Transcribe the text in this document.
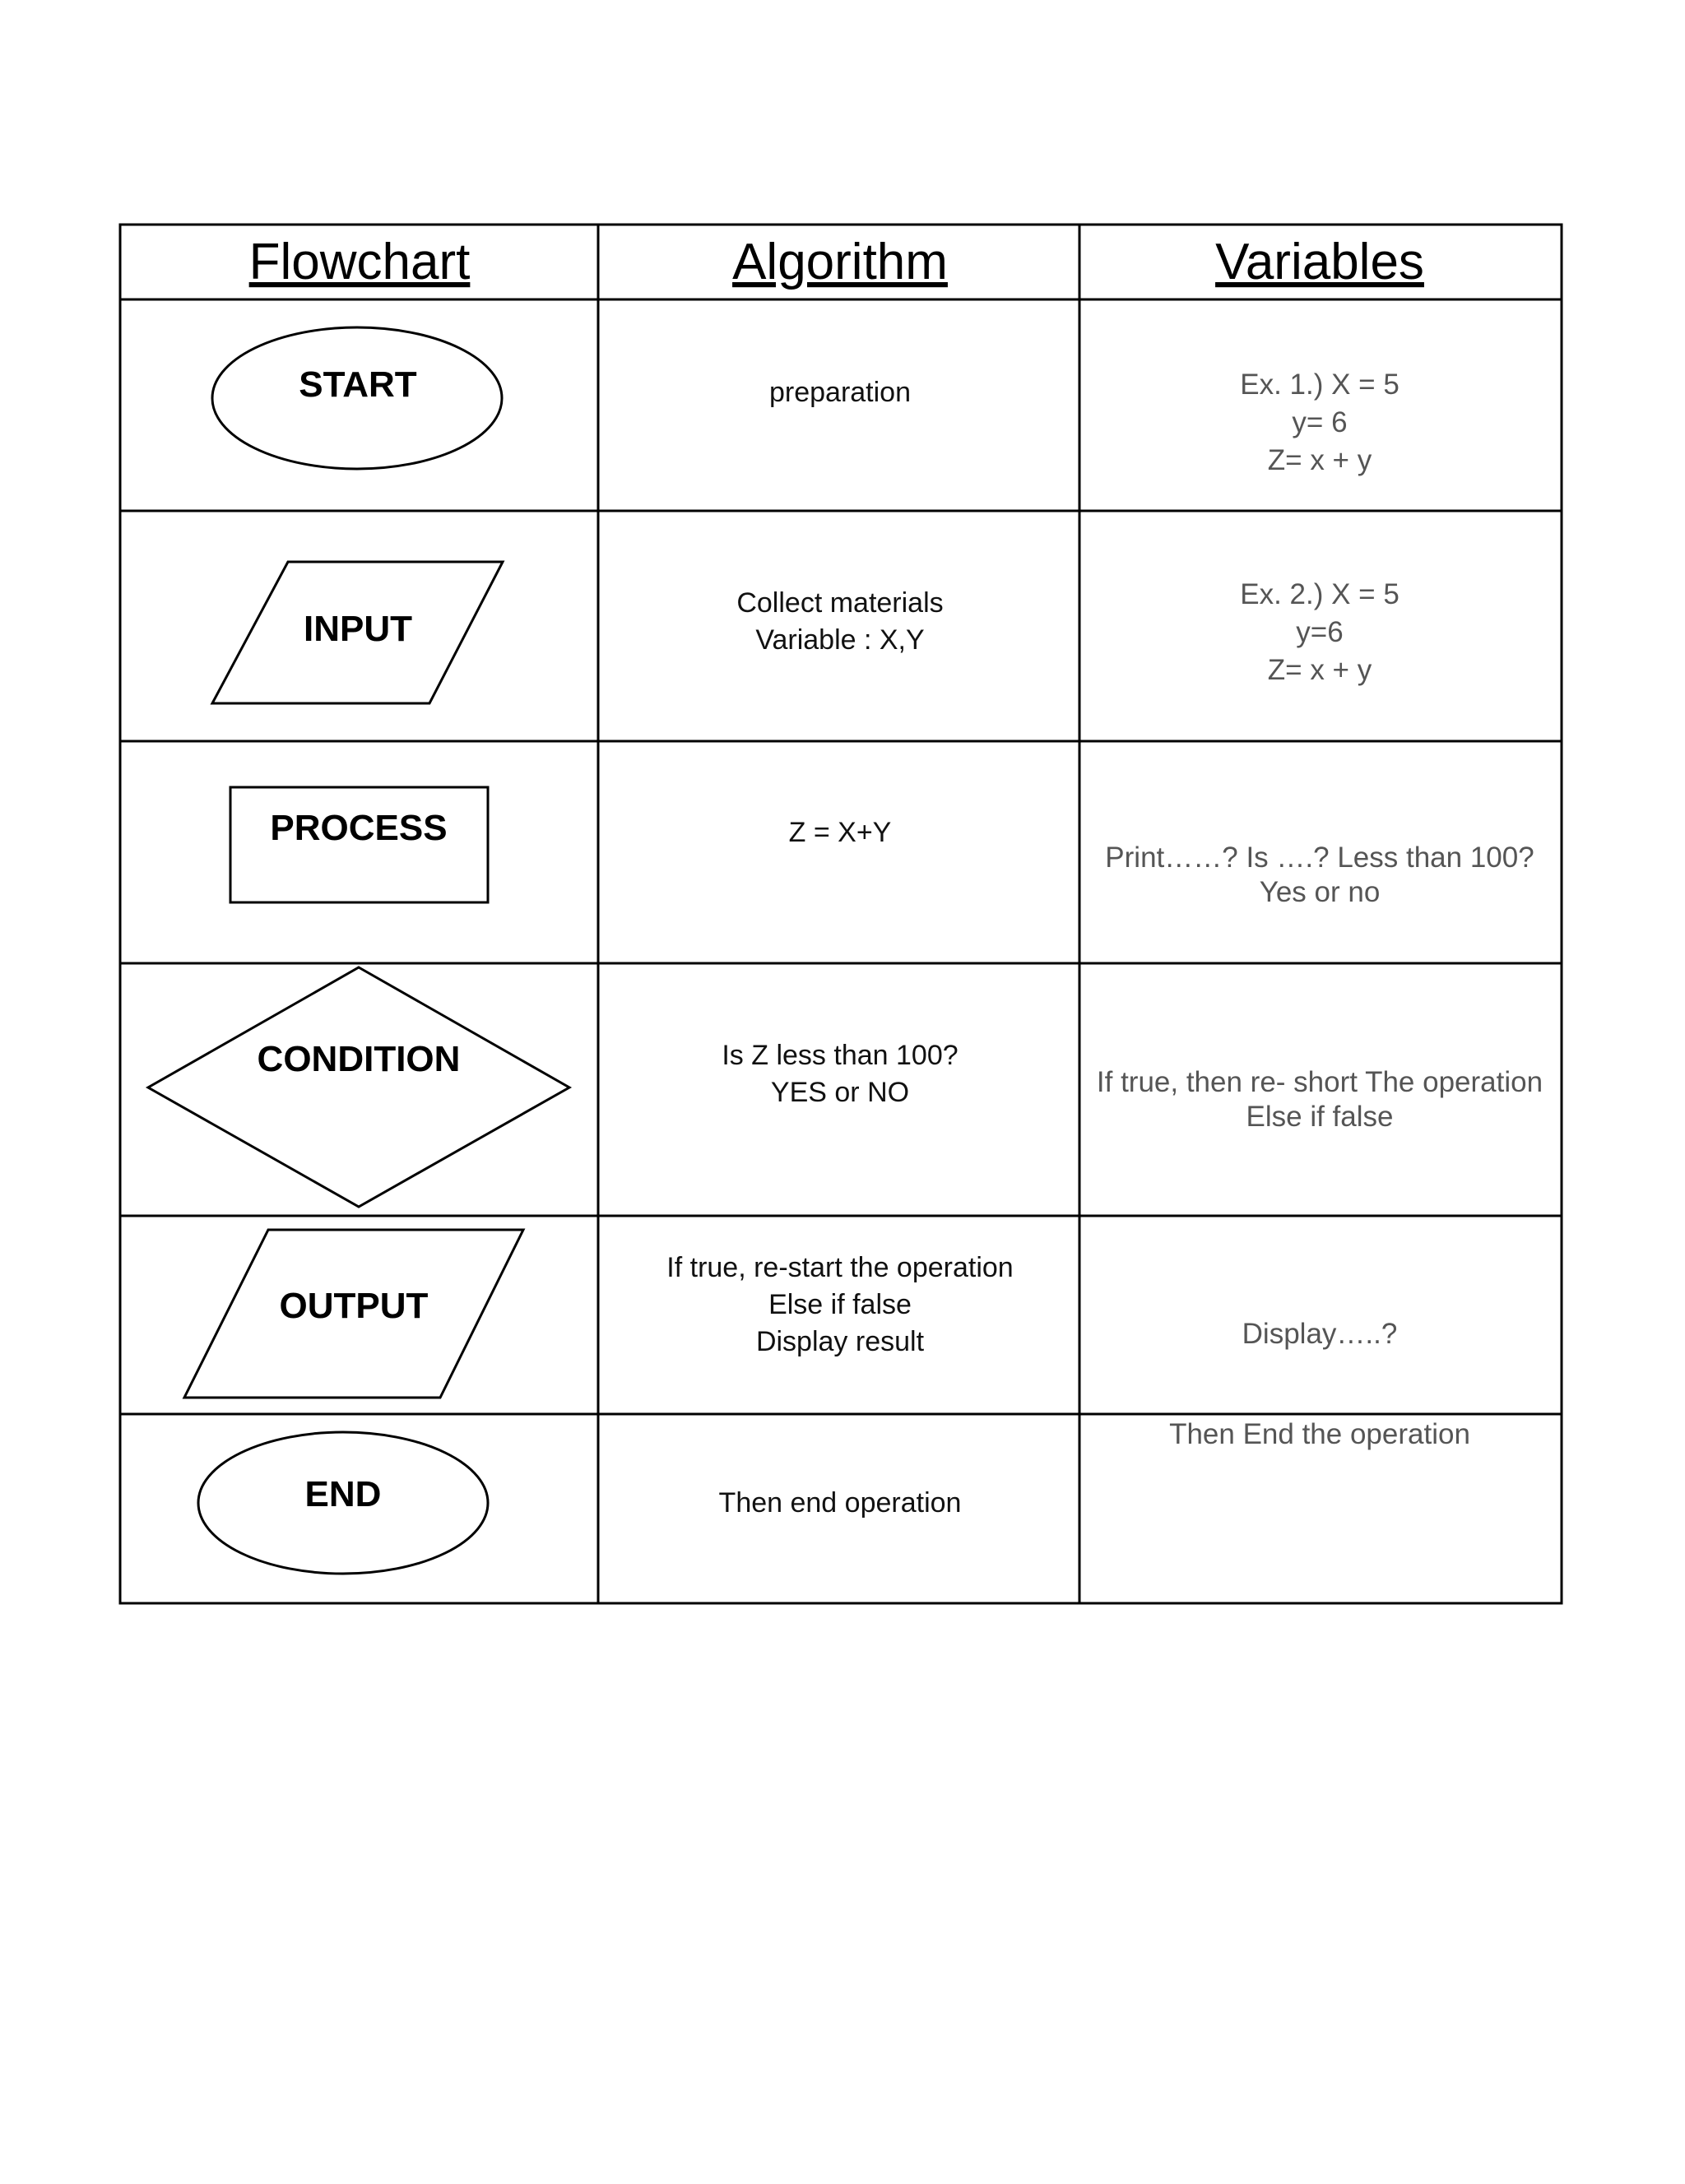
Flowchart	Algorithm	Variables
START
INPUT
PROCESS
CONDITION
OUTPUT
END
preparation
Collect materials
Variable : X,Y
Z = X+Y
Is Z less than 100?
YES or NO
If true, re-start the operation
Else if false
Display result
Then end operation
Ex. 1.) X = 5
y= 6
Z= x + y
Ex. 2.) X = 5
y=6
Z= x + y
Print……? Is ….? Less than 100?
Yes or no
If true, then re- short The operation
Else if false
Display…..?
Then End the operation
